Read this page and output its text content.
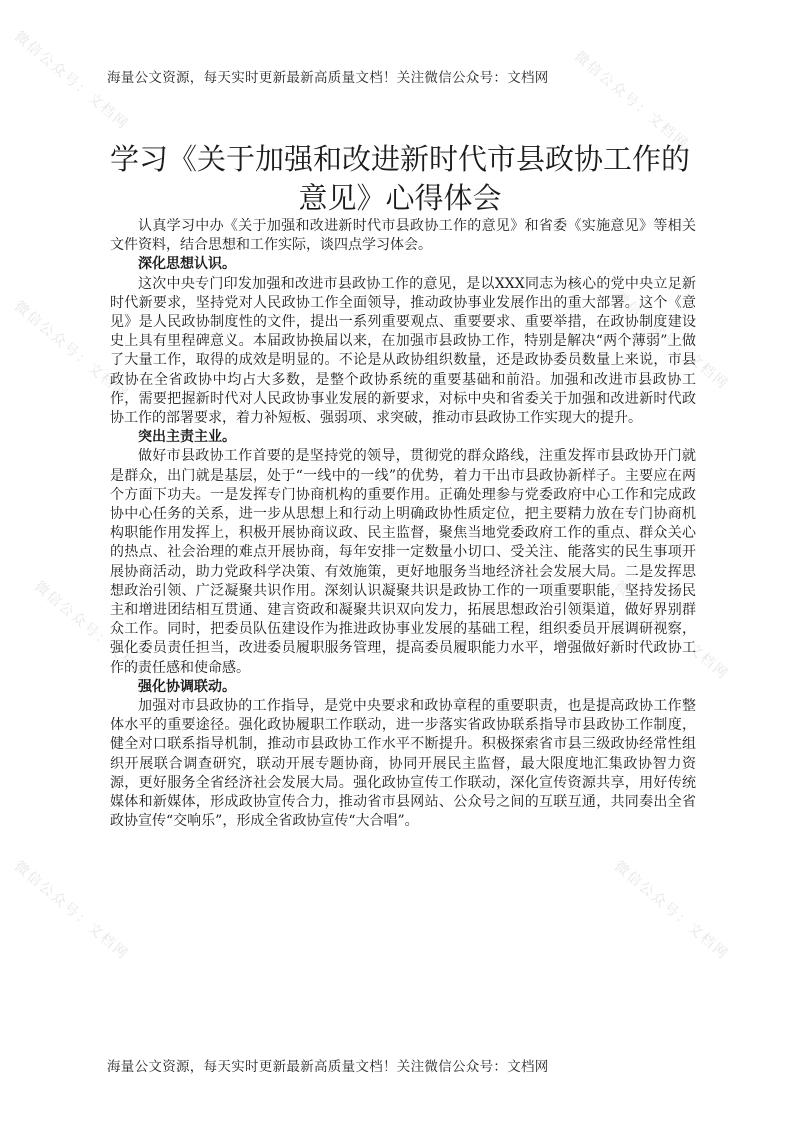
微信公众号：文档网	微信公众号：文档网
微信公众号：文档网	微信公众号：文档网
微信公众号：文档网	微信公众号：文档网
微信公众号：文档网	微信公众号：文档网
海量公文资源，每天实时更新最新高质量文档！关注微信公众号：文档网
学习《关于加强和改进新时代市县政协工作的意见》心得体会

认真学习中办《关于加强和改进新时代市县政协工作的意见》和省委《实施意见》等相关文件资料，结合思想和工作实际，谈四点学习体会。

深化思想认识。

这次中央专门印发加强和改进市县政协工作的意见，是以XXX同志为核心的党中央立足新时代新要求，坚持党对人民政协工作全面领导，推动政协事业发展作出的重大部署。这个《意见》是人民政协制度性的文件，提出一系列重要观点、重要要求、重要举措，在政协制度建设史上具有里程碑意义。本届政协换届以来，在加强市县政协工作，特别是解决“两个薄弱”上做了大量工作，取得的成效是明显的。不论是从政协组织数量，还是政协委员数量上来说，市县政协在全省政协中均占大多数，是整个政协系统的重要基础和前沿。加强和改进市县政协工作，需要把握新时代对人民政协事业发展的新要求，对标中央和省委关于加强和改进新时代政协工作的部署要求，着力补短板、强弱项、求突破，推动市县政协工作实现大的提升。

突出主责主业。

做好市县政协工作首要的是坚持党的领导，贯彻党的群众路线，注重发挥市县政协开门就是群众，出门就是基层，处于“一线中的一线”的优势，着力干出市县政协新样子。主要应在两个方面下功夫。一是发挥专门协商机构的重要作用。正确处理参与党委政府中心工作和完成政协中心任务的关系，进一步从思想上和行动上明确政协性质定位，把主要精力放在专门协商机构职能作用发挥上，积极开展协商议政、民主监督，聚焦当地党委政府工作的重点、群众关心的热点、社会治理的难点开展协商，每年安排一定数量小切口、受关注、能落实的民生事项开展协商活动，助力党政科学决策、有效施策，更好地服务当地经济社会发展大局。二是发挥思想政治引领、广泛凝聚共识作用。深刻认识凝聚共识是政协工作的一项重要职能，坚持发扬民主和增进团结相互贯通、建言资政和凝聚共识双向发力，拓展思想政治引领渠道，做好界别群众工作。同时，把委员队伍建设作为推进政协事业发展的基础工程，组织委员开展调研视察，强化委员责任担当，改进委员履职服务管理，提高委员履职能力水平，增强做好新时代政协工作的责任感和使命感。

强化协调联动。

加强对市县政协的工作指导，是党中央要求和政协章程的重要职责，也是提高政协工作整体水平的重要途径。强化政协履职工作联动，进一步落实省政协联系指导市县政协工作制度，健全对口联系指导机制，推动市县政协工作水平不断提升。积极探索省市县三级政协经常性组织开展联合调查研究，联动开展专题协商，协同开展民主监督，最大限度地汇集政协智力资源，更好服务全省经济社会发展大局。强化政协宣传工作联动，深化宣传资源共享，用好传统媒体和新媒体，形成政协宣传合力，推动省市县网站、公众号之间的互联互通，共同奏出全省政协宣传“交响乐”，形成全省政协宣传“大合唱”。

海量公文资源，每天实时更新最新高质量文档！关注微信公众号：文档网
